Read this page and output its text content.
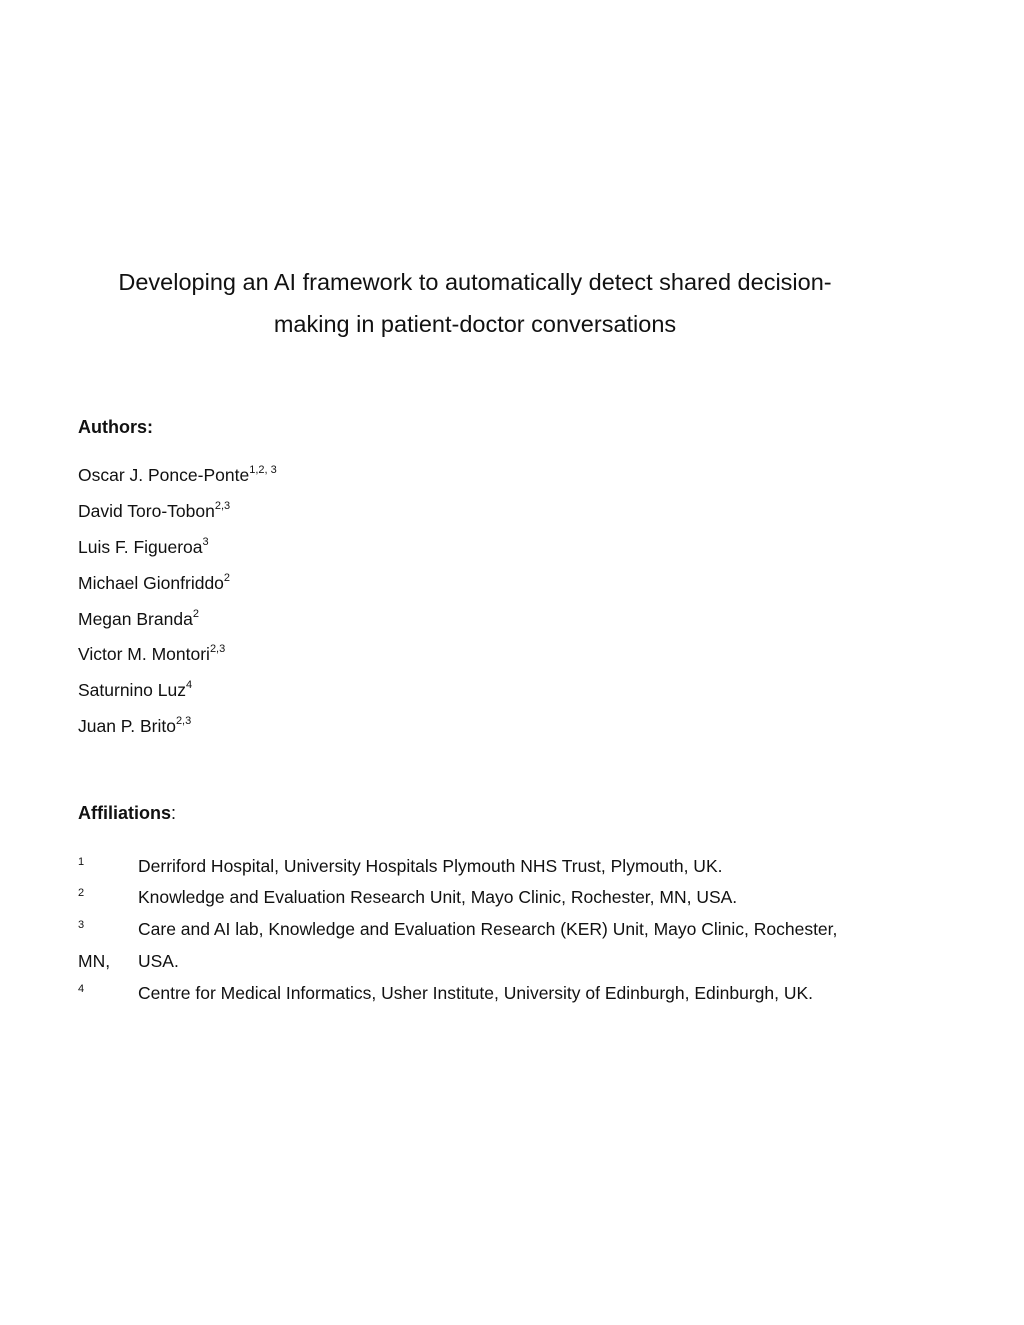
Developing an AI framework to automatically detect shared decision-
making in patient-doctor conversations
Authors:
Oscar J. Ponce-Ponte$^{1,2, 3}$
David Toro-Tobon$^{2,3}$
Luis F. Figueroa$^3$
Michael Gionfriddo$^2$
Megan Branda$^2$
Victor M. Montori$^{2,3}$
Saturnino Luz$^4$
Juan P. Brito$^{2,3}$
Affiliations:
1	Derriford Hospital, University Hospitals Plymouth NHS Trust, Plymouth, UK.
2	Knowledge and Evaluation Research Unit, Mayo Clinic, Rochester, MN, USA.
3	Care and AI lab, Knowledge and Evaluation Research (KER) Unit, Mayo Clinic, Rochester,
MN, USA.
4	Centre for Medical Informatics, Usher Institute, University of Edinburgh, Edinburgh, UK.
